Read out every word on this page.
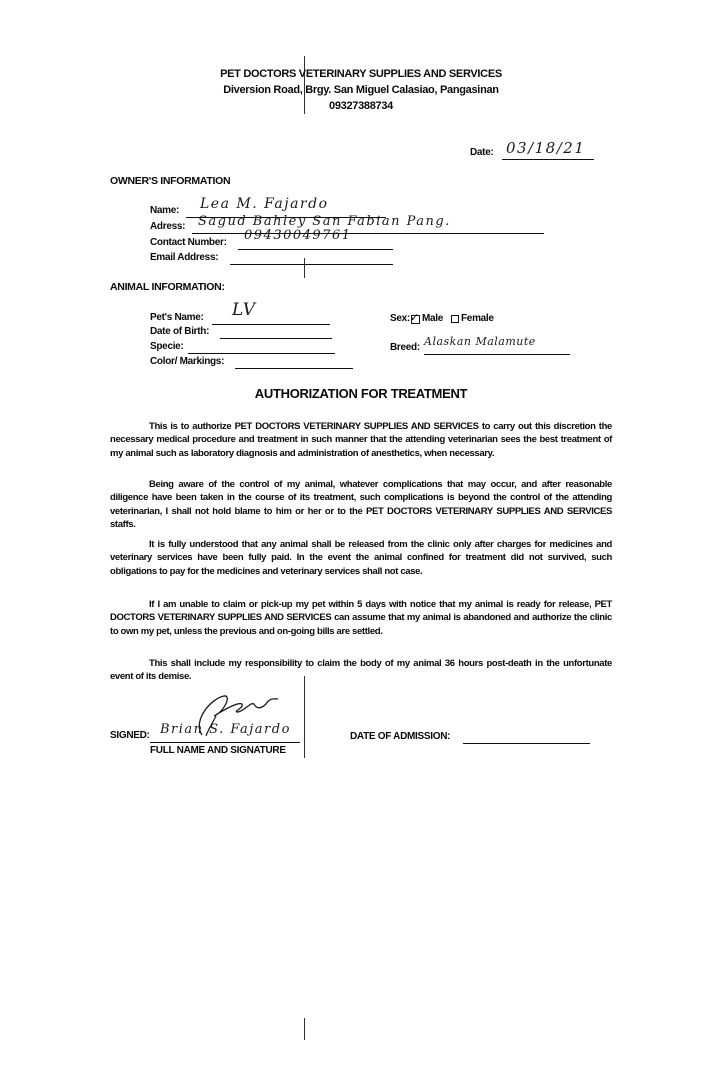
PET DOCTORS VETERINARY SUPPLIES AND SERVICES
Diversion Road, Brgy. San Miguel Calasiao, Pangasinan
09327388734
Date: 03/18/21
OWNER'S INFORMATION
Name: Lea M. Fajardo
Adress: Sagud Bahley San Fabian Pang.
Contact Number: 09430049761
Email Address:
ANIMAL INFORMATION:
Pet's Name: LV
Date of Birth:
Specie:
Color/ Markings:
Sex: ✓ Male Female
Breed: Alaskan Malamute
AUTHORIZATION FOR TREATMENT

This is to authorize PET DOCTORS VETERINARY SUPPLIES AND SERVICES to carry out this discretion the necessary medical procedure and treatment in such manner that the attending veterinarian sees the best treatment of my animal such as laboratory diagnosis and administration of anesthetics, when necessary.

Being aware of the control of my animal, whatever complications that may occur, and after reasonable diligence have been taken in the course of its treatment, such complications is beyond the control of the attending veterinarian, I shall not hold blame to him or her or to the PET DOCTORS VETERINARY SUPPLIES AND SERVICES staffs.

It is fully understood that any animal shall be released from the clinic only after charges for medicines and veterinary services have been fully paid. In the event the animal confined for treatment did not survived, such obligations to pay for the medicines and veterinary services shall not case.

If I am unable to claim or pick-up my pet within 5 days with notice that my animal is ready for release, PET DOCTORS VETERINARY SUPPLIES AND SERVICES can assume that my animal is abandoned and authorize the clinic to own my pet, unless the previous and on-going bills are settled.

This shall include my responsibility to claim the body of my animal 36 hours post-death in the unfortunate event of its demise.

SIGNED: Brian S. Fajardo
FULL NAME AND SIGNATURE
DATE OF ADMISSION:
